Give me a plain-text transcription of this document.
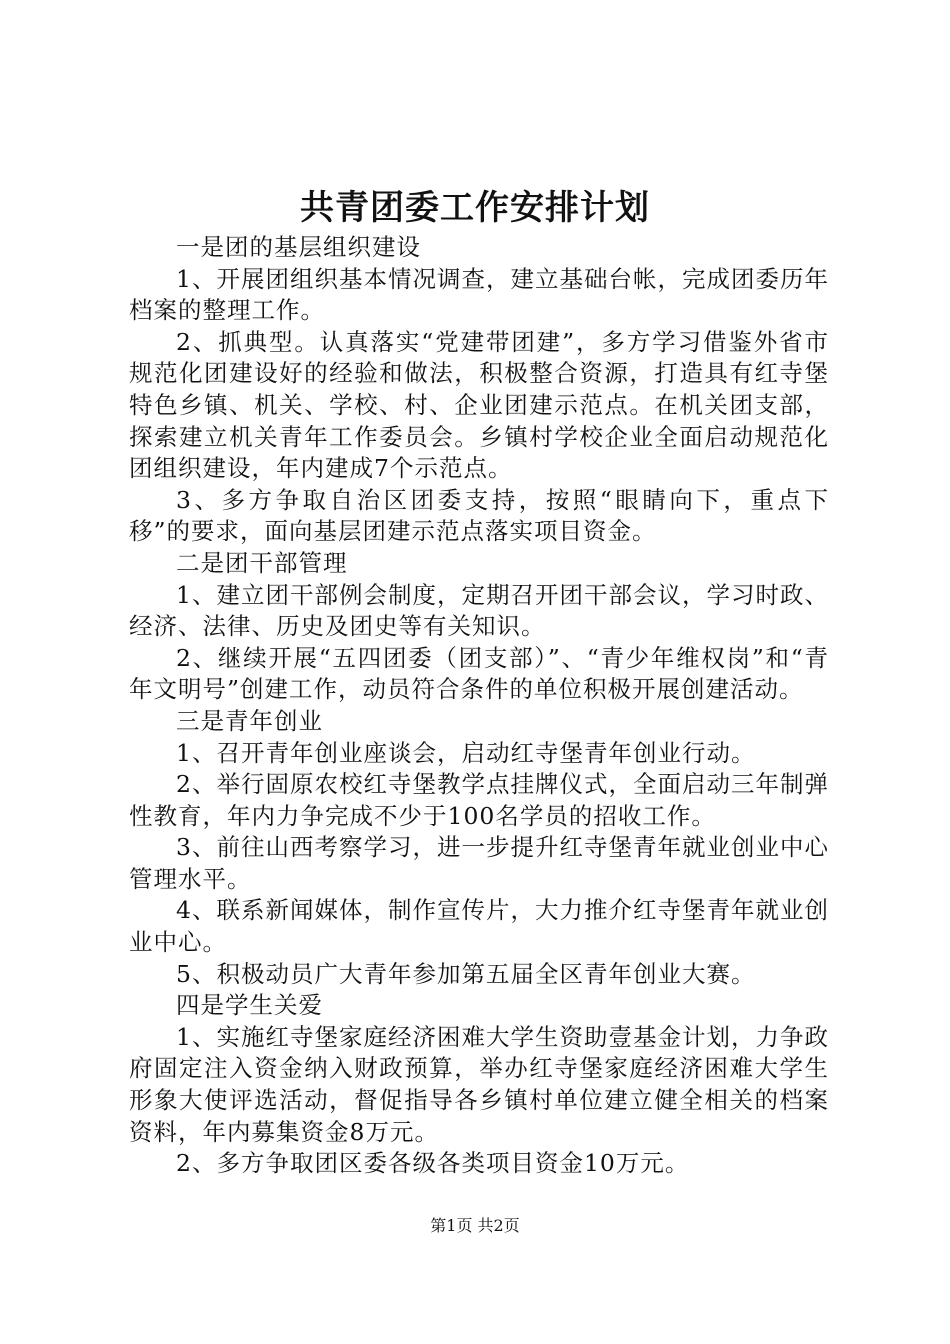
共青团委工作安排计划

一是团的基层组织建设

1、开展团组织基本情况调查，建立基础台帐，完成团委历年档案的整理工作。

2、抓典型。认真落实“党建带团建”，多方学习借鉴外省市规范化团建设好的经验和做法，积极整合资源，打造具有红寺堡特色乡镇、机关、学校、村、企业团建示范点。在机关团支部，探索建立机关青年工作委员会。乡镇村学校企业全面启动规范化团组织建设，年内建成7个示范点。

3、多方争取自治区团委支持，按照“眼睛向下，重点下移”的要求，面向基层团建示范点落实项目资金。

二是团干部管理

1、建立团干部例会制度，定期召开团干部会议，学习时政、经济、法律、历史及团史等有关知识。

2、继续开展“五四团委（团支部）”、“青少年维权岗”和“青年文明号”创建工作，动员符合条件的单位积极开展创建活动。

三是青年创业

1、召开青年创业座谈会，启动红寺堡青年创业行动。

2、举行固原农校红寺堡教学点挂牌仪式，全面启动三年制弹性教育，年内力争完成不少于100名学员的招收工作。

3、前往山西考察学习，进一步提升红寺堡青年就业创业中心管理水平。

4、联系新闻媒体，制作宣传片，大力推介红寺堡青年就业创业中心。

5、积极动员广大青年参加第五届全区青年创业大赛。

四是学生关爱

1、实施红寺堡家庭经济困难大学生资助壹基金计划，力争政府固定注入资金纳入财政预算，举办红寺堡家庭经济困难大学生形象大使评选活动，督促指导各乡镇村单位建立健全相关的档案资料，年内募集资金8万元。

2、多方争取团区委各级各类项目资金10万元。

第1页 共2页
